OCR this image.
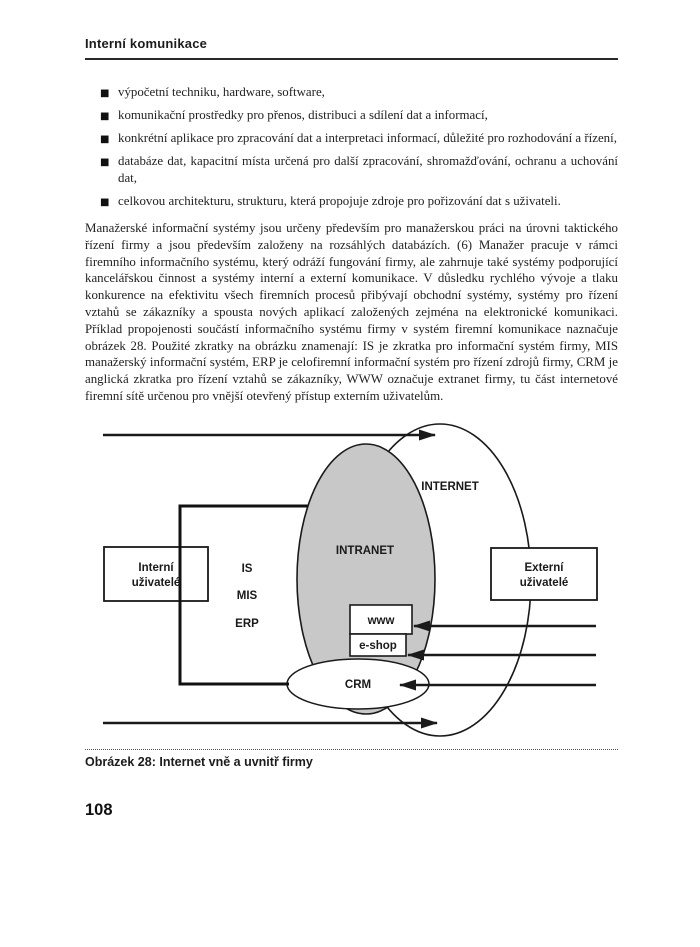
Interní komunikace
■ výpočetní techniku, hardware, software,
■ komunikační prostředky pro přenos, distribuci a sdílení dat a informací,
■ konkrétní aplikace pro zpracování dat a interpretaci informací, důležité pro rozhodování a řízení,
■ databáze dat, kapacitní místa určená pro další zpracování, shromažďování, ochranu a uchování dat,
■ celkovou architekturu, strukturu, která propojuje zdroje pro pořizování dat s uživateli.

Manažerské informační systémy jsou určeny především pro manažerskou práci na úrovni taktického řízení firmy a jsou především založeny na rozsáhlých databázích. (6) Manažer pracuje v rámci firemního informačního systému, který odráží fungování firmy, ale zahrnuje také systémy podporující kancelářskou činnost a systémy interní a externí komunikace. V důsledku rychlého vývoje a tlaku konkurence na efektivitu všech firemních procesů přibývají obchodní systémy, systémy pro řízení vztahů se zákazníky a spousta nových aplikací založených zejména na elektronické komunikaci. Příklad propojenosti součástí informačního systému firmy v systém firemní komunikace naznačuje obrázek 28. Použité zkratky na obrázku znamenají: IS je zkratka pro informační systém firmy, MIS manažerský informační systém, ERP je celofiremní informační systém pro řízení zdrojů firmy, CRM je anglická zkratka pro řízení vztahů se zákazníky, WWW označuje extranet firmy, tu část internetové firemní sítě určenou pro vnější otevřený přístup externím uživatelům.

INTERNET
INTRANET
CRM
www
e-shop
IS
MIS
ERP
Interní
uživatelé
Externí
uživatelé
Obrázek 28: Internet vně a uvnitř firmy
108
